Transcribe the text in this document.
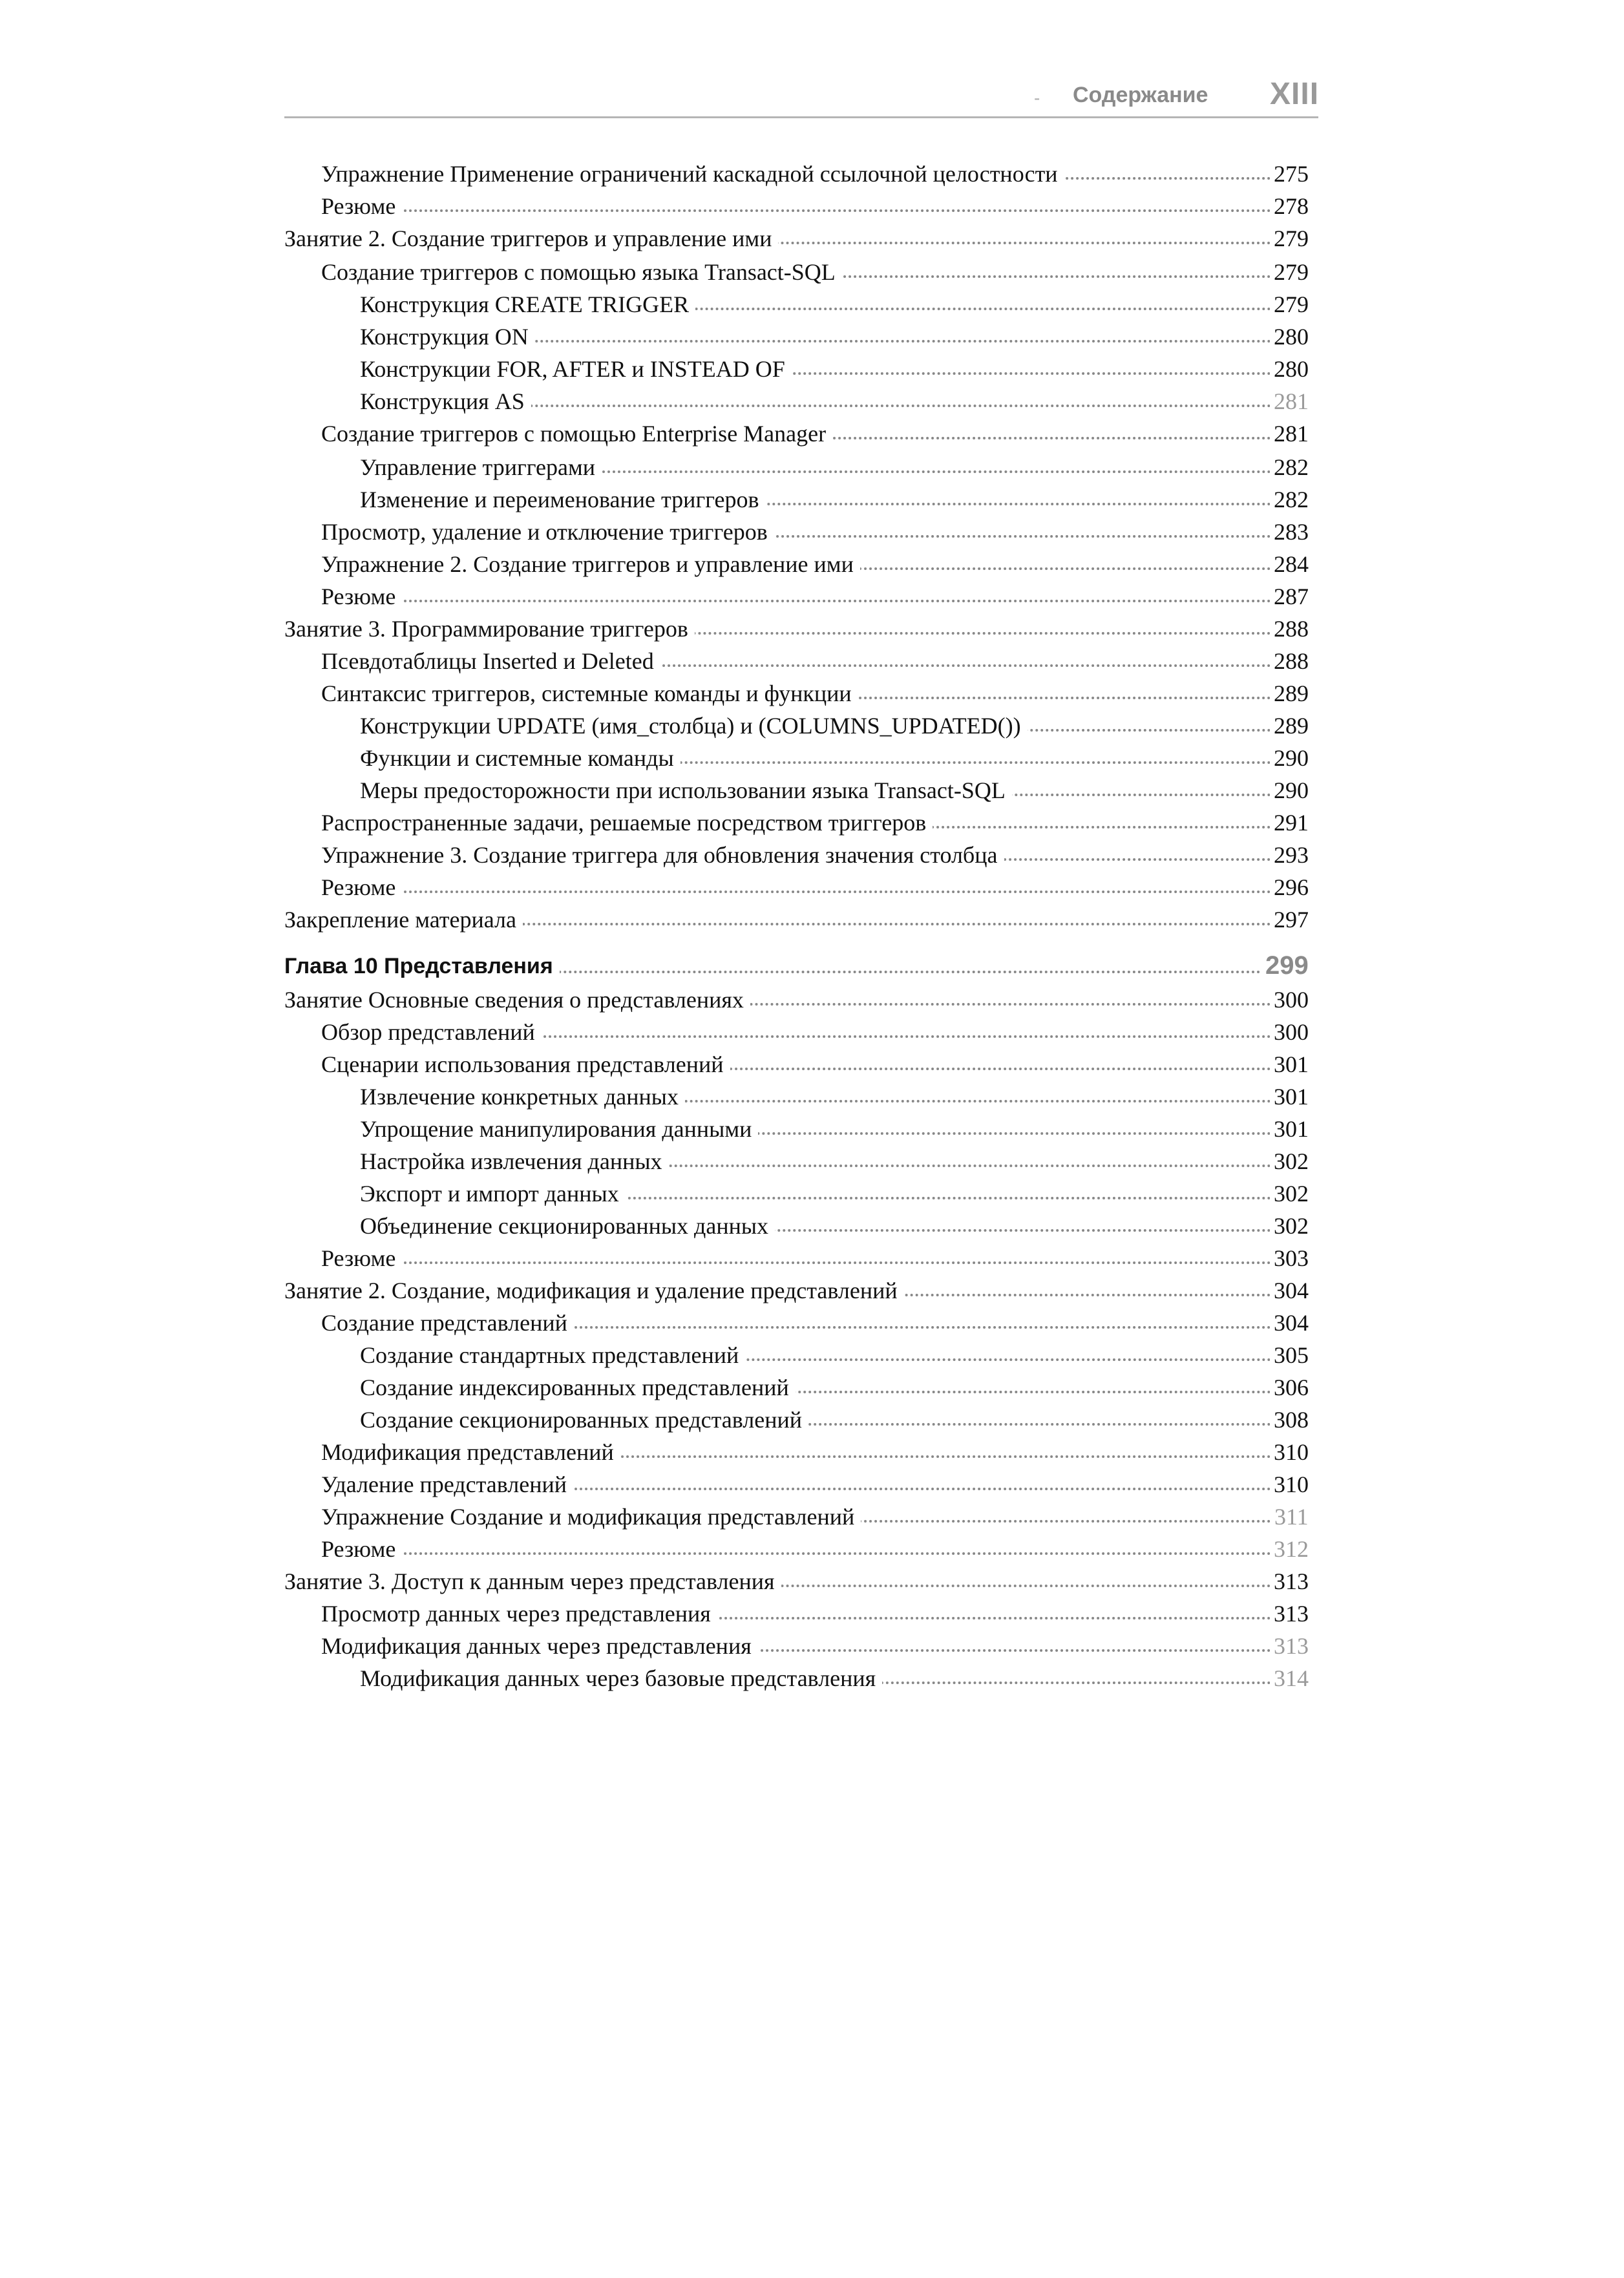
- Содержание XIII
Упражнение Применение ограничений каскадной ссылочной целостности	275
Резюме	278
Занятие 2. Создание триггеров и управление ими	279
Создание триггеров с помощью языка Transact-SQL	279
Конструкция CREATE TRIGGER	279
Конструкция ON	280
Конструкции FOR, AFTER и INSTEAD OF	280
Конструкция AS	281
Создание триггеров с помощью Enterprise Manager	281
Управление триггерами	282
Изменение и переименование триггеров	282
Просмотр, удаление и отключение триггеров	283
Упражнение 2. Создание триггеров и управление ими	284
Резюме	287
Занятие 3. Программирование триггеров	288
Псевдотаблицы Inserted и Deleted	288
Синтаксис триггеров, системные команды и функции	289
Конструкции UPDATE (имя_столбца) и (COLUMNS_UPDATED())	289
Функции и системные команды	290
Меры предосторожности при использовании языка Transact-SQL	290
Распространенные задачи, решаемые посредством триггеров	291
Упражнение 3. Создание триггера для обновления значения столбца	293
Резюме	296
Закрепление материала	297
Глава 10 Представления	299
Занятие Основные сведения о представлениях	300
Обзор представлений	300
Сценарии использования представлений	301
Извлечение конкретных данных	301
Упрощение манипулирования данными	301
Настройка извлечения данных	302
Экспорт и импорт данных	302
Объединение секционированных данных	302
Резюме	303
Занятие 2. Создание, модификация и удаление представлений	304
Создание представлений	304
Создание стандартных представлений	305
Создание индексированных представлений	306
Создание секционированных представлений	308
Модификация представлений	310
Удаление представлений	310
Упражнение Создание и модификация представлений	311
Резюме	312
Занятие 3. Доступ к данным через представления	313
Просмотр данных через представления	313
Модификация данных через представления	313
Модификация данных через базовые представления	314
